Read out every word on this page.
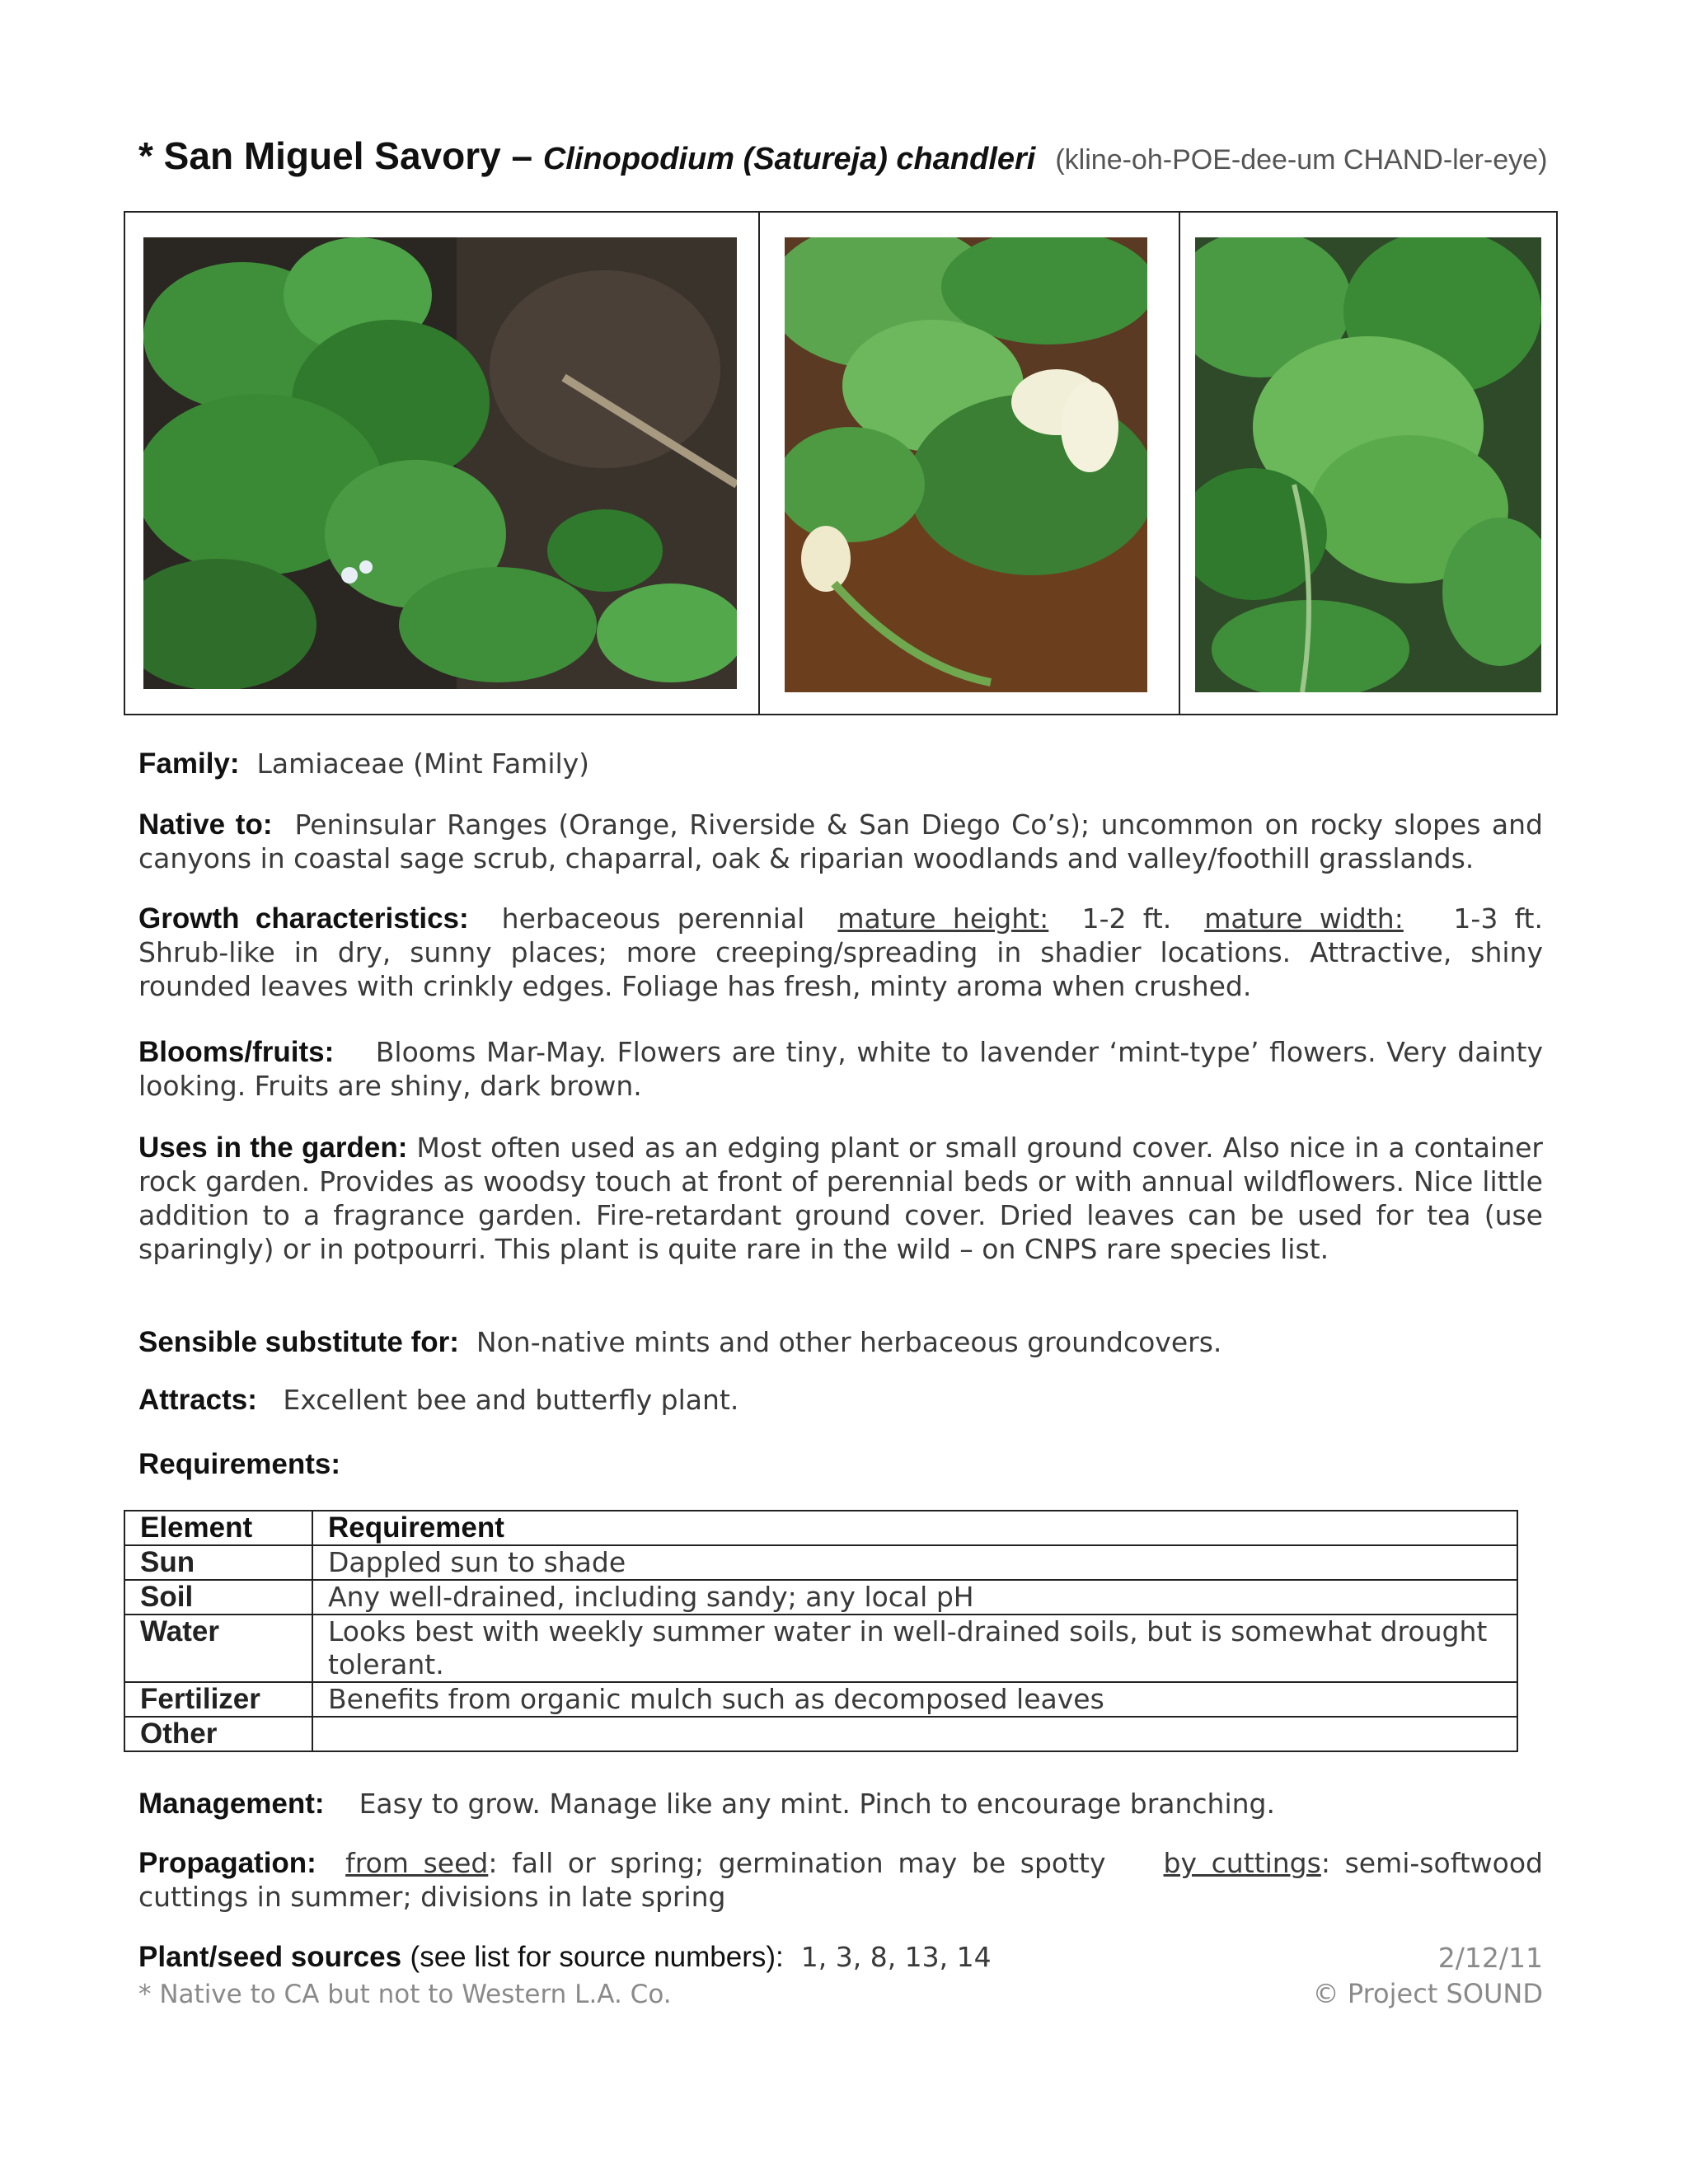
* San Miguel Savory – Clinopodium (Satureja) chandleri (kline-oh-POE-dee-um CHAND-ler-eye)
Family: Lamiaceae (Mint Family)
Native to: Peninsular Ranges (Orange, Riverside & San Diego Co’s); uncommon on rocky slopes and canyons in coastal sage scrub, chaparral, oak & riparian woodlands and valley/foothill grasslands.
Growth characteristics: herbaceous perennial mature height: 1-2 ft. mature width: 1-3 ft. Shrub-like in dry, sunny places; more creeping/spreading in shadier locations. Attractive, shiny rounded leaves with crinkly edges. Foliage has fresh, minty aroma when crushed.
Blooms/fruits: Blooms Mar-May. Flowers are tiny, white to lavender ‘mint-type’ flowers. Very dainty looking. Fruits are shiny, dark brown.
Uses in the garden: Most often used as an edging plant or small ground cover. Also nice in a container rock garden. Provides as woodsy touch at front of perennial beds or with annual wildflowers. Nice little addition to a fragrance garden. Fire-retardant ground cover. Dried leaves can be used for tea (use sparingly) or in potpourri. This plant is quite rare in the wild – on CNPS rare species list.
Sensible substitute for: Non-native mints and other herbaceous groundcovers.
Attracts: Excellent bee and butterfly plant.
Requirements:
Element	Requirement
Sun	Dappled sun to shade
Soil	Any well-drained, including sandy; any local pH
Water	Looks best with weekly summer water in well-drained soils, but is somewhat drought tolerant.
Fertilizer	Benefits from organic mulch such as decomposed leaves
Other	
Management: Easy to grow. Manage like any mint. Pinch to encourage branching.
Propagation: from seed: fall or spring; germination may be spotty by cuttings: semi-softwood cuttings in summer; divisions in late spring
Plant/seed sources (see list for source numbers): 1, 3, 8, 13, 14	2/12/11
* Native to CA but not to Western L.A. Co.	© Project SOUND
